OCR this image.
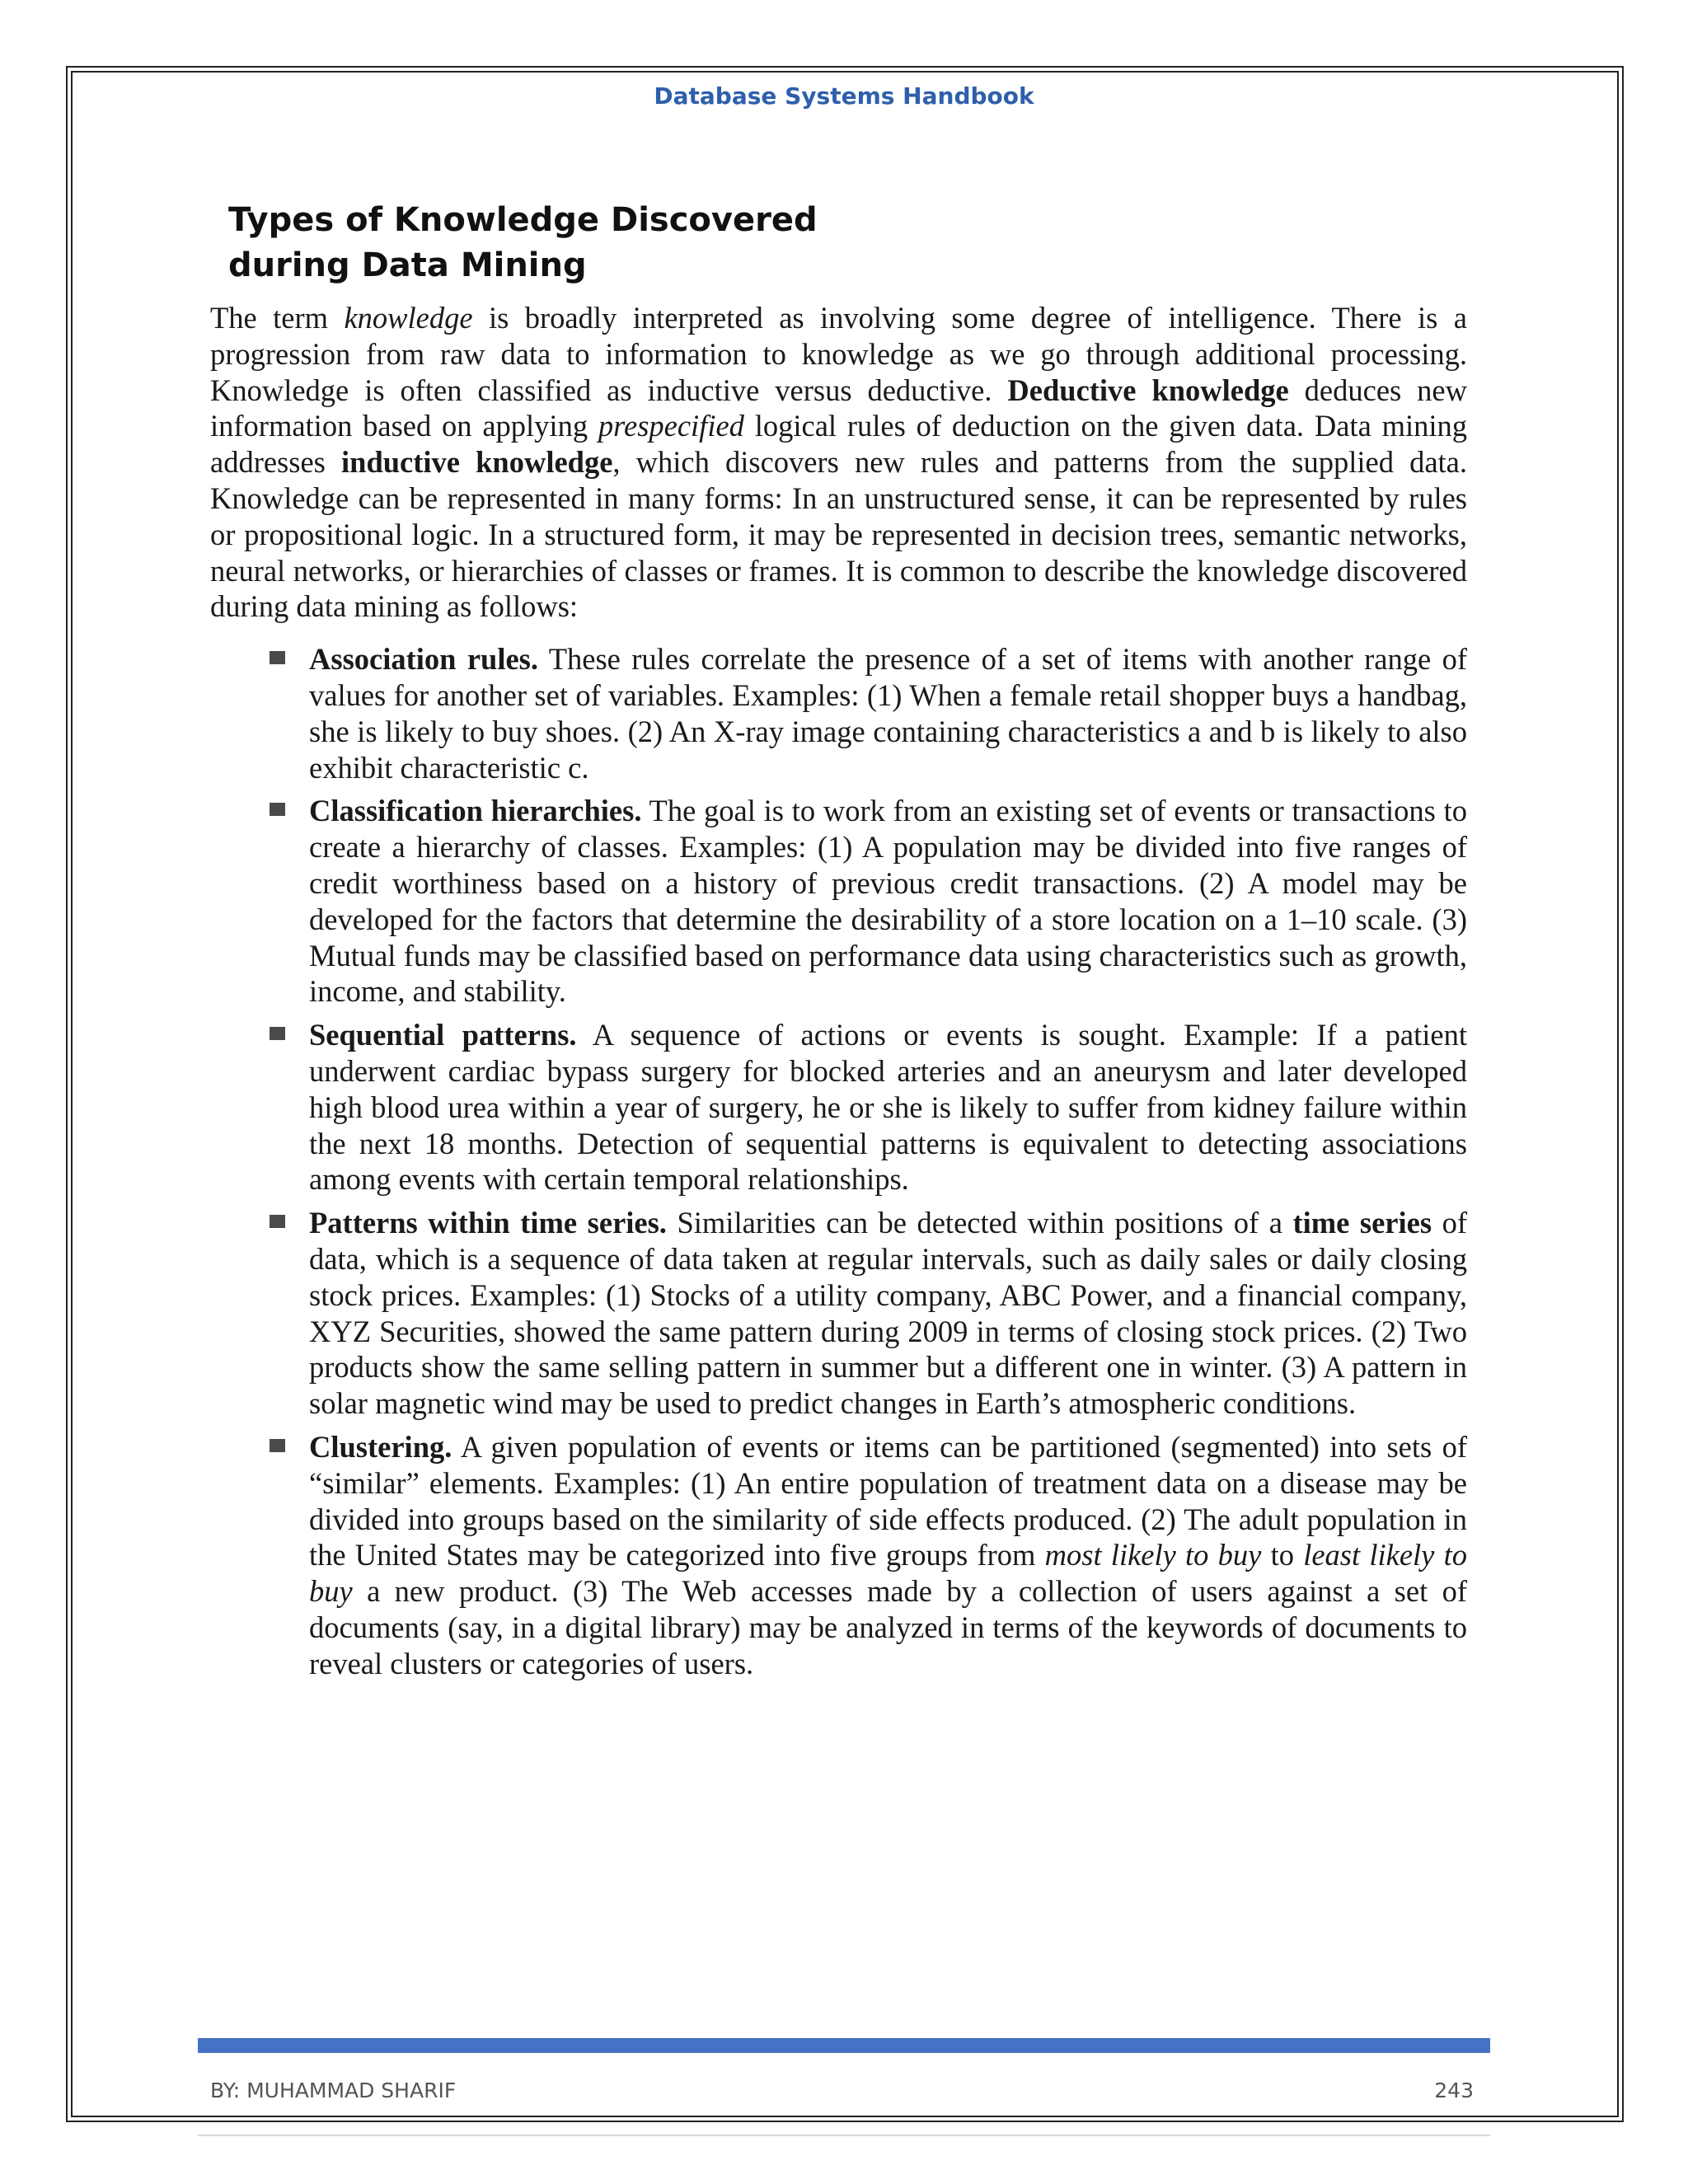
Database Systems Handbook
Types of Knowledge Discovered
during Data Mining

The term knowledge is broadly interpreted as involving some degree of intelligence. There is a progression from raw data to information to knowledge as we go through additional processing. Knowledge is often classified as inductive versus deductive. Deductive knowledge deduces new information based on applying prespecified logical rules of deduction on the given data. Data mining addresses inductive knowledge, which discovers new rules and patterns from the supplied data. Knowledge can be represented in many forms: In an unstructured sense, it can be represented by rules or propositional logic. In a structured form, it may be represented in decision trees, semantic networks, neural networks, or hierarchies of classes or frames. It is common to describe the knowledge discovered during data mining as follows:

Association rules. These rules correlate the presence of a set of items with another range of values for another set of variables. Examples: (1) When a female retail shopper buys a handbag, she is likely to buy shoes. (2) An X-ray image containing characteristics a and b is likely to also exhibit characteristic c.
Classification hierarchies. The goal is to work from an existing set of events or transactions to create a hierarchy of classes. Examples: (1) A population may be divided into five ranges of credit worthiness based on a history of previous credit transactions. (2) A model may be developed for the factors that determine the desirability of a store location on a 1–10 scale. (3) Mutual funds may be classified based on performance data using characteristics such as growth, income, and stability.
Sequential patterns. A sequence of actions or events is sought. Example: If a patient underwent cardiac bypass surgery for blocked arteries and an aneurysm and later developed high blood urea within a year of surgery, he or she is likely to suffer from kidney failure within the next 18 months. Detection of sequential patterns is equivalent to detecting associations among events with certain temporal relationships.
Patterns within time series. Similarities can be detected within positions of a time series of data, which is a sequence of data taken at regular intervals, such as daily sales or daily closing stock prices. Examples: (1) Stocks of a utility company, ABC Power, and a financial company, XYZ Securities, showed the same pattern during 2009 in terms of closing stock prices. (2) Two products show the same selling pattern in summer but a different one in winter. (3) A pattern in solar magnetic wind may be used to predict changes in Earth’s atmospheric conditions.
Clustering. A given population of events or items can be partitioned (segmented) into sets of “similar” elements. Examples: (1) An entire population of treatment data on a disease may be divided into groups based on the similarity of side effects produced. (2) The adult population in the United States may be categorized into five groups from most likely to buy to least likely to buy a new product. (3) The Web accesses made by a collection of users against a set of documents (say, in a digital library) may be analyzed in terms of the keywords of documents to reveal clusters or categories of users.
BY: MUHAMMAD SHARIF	243
